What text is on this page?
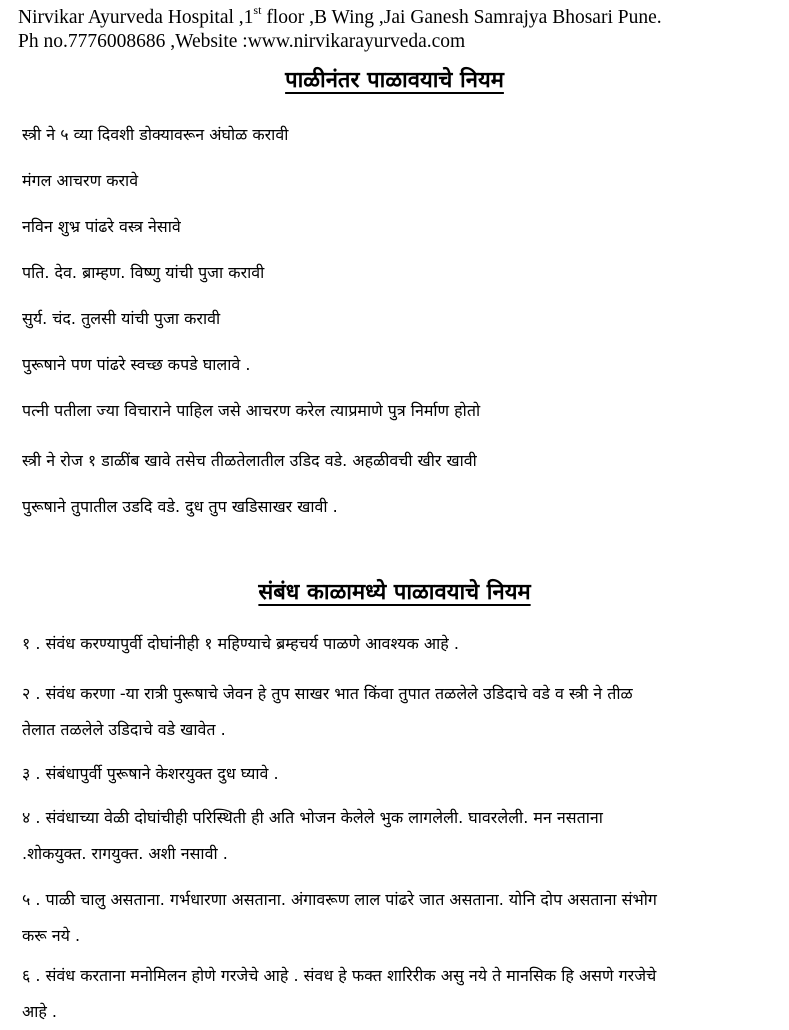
Nirvikar Ayurveda Hospital ,1st floor ,B Wing ,Jai Ganesh Samrajya Bhosari Pune.
Ph no.7776008686 ,Website :www.nirvikarayurveda.com
पाळीनंतर पाळावयाचे नियम
स्त्री ने ५ व्या दिवशी डोक्यावरून अंघोळ करावी
मंगल आचरण करावे
नविन शुभ्र पांढरे वस्त्र नेसावे
पति. देव. ब्राम्हण. विष्णु यांची पुजा करावी
सुर्य. चंद. तुलसी यांची पुजा करावी
पुरूषाने पण पांढरे स्वच्छ कपडे घालावे .
पत्नी पतीला ज्या विचाराने पाहिल जसे आचरण करेल त्याप्रमाणे पुत्र निर्माण होतो
स्त्री ने रोज १ डाळींब खावे तसेच तीळतेलातील उडिद वडे. अहळीवची खीर खावी
पुरूषाने तुपातील उडदि वडे. दुध तुप खडिसाखर खावी .
संबंध काळामध्ये पाळावयाचे नियम
१ . संवंध करण्यापुर्वी दोघांनीही १ महिण्याचे ब्रम्हचर्य पाळणे आवश्यक आहे .
२ . संवंध करणा -या रात्री पुरूषाचे जेवन हे तुप साखर भात किंवा तुपात तळलेले उडिदाचे वडे व स्त्री ने तीळ
तेलात तळलेले उडिदाचे वडे खावेत .
३ . संबंधापुर्वी पुरूषाने केशरयुक्त दुध घ्यावे .
४ . संवंधाच्या वेळी दोघांचीही परिस्थिती ही अति भोजन केलेले भुक लागलेली. घावरलेली. मन नसताना
.शोकयुक्त. रागयुक्त. अशी नसावी .
५ . पाळी चालु असताना. गर्भधारणा असताना. अंगावरूण लाल पांढरे जात असताना. योनि दोप असताना संभोग
करू नये .
६ . संवंध करताना मनोमिलन होणे गरजेचे आहे . संवध हे फक्त शारिरीक असु नये ते मानसिक हि असणे गरजेचे
आहे .
